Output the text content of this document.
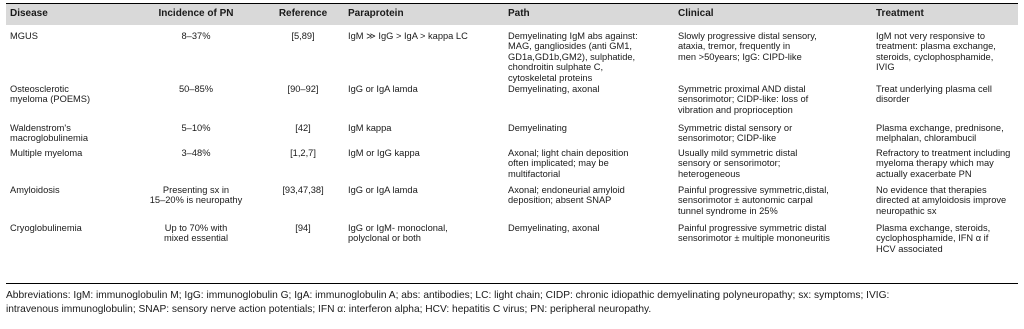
Disease	Incidence of PN	Reference	Paraprotein	Path	Clinical	Treatment
MGUS	8–37%	[5,89]	IgM ≫ IgG > IgA > kappa LC	Demyelinating IgM abs against:
MAG, gangliosides (anti GM1,
GD1a,GD1b,GM2), sulphatide,
chondroitin sulphate C,
cytoskeletal proteins	Slowly progressive distal sensory,
ataxia, tremor, frequently in
men >50years; IgG: CIPD-like	IgM not very responsive to
treatment: plasma exchange,
steroids, cyclophosphamide, IVIG
Osteosclerotic
myeloma (POEMS)	50–85%	[90–92]	IgG or IgA lamda	Demyelinating, axonal	Symmetric proximal AND distal
sensorimotor; CIDP-like: loss of
vibration and proprioception	Treat underlying plasma cell
disorder
Waldenstrom's
macroglobulinemia	5–10%	[42]	IgM kappa	Demyelinating	Symmetric distal sensory or
sensorimotor; CIDP-like	Plasma exchange, prednisone,
melphalan, chlorambucil
Multiple myeloma	3–48%	[1,2,7]	IgM or IgG kappa	Axonal; light chain deposition
often implicated; may be
multifactorial	Usually mild symmetric distal
sensory or sensorimotor;
heterogeneous	Refractory to treatment including
myeloma therapy which may
actually exacerbate PN
Amyloidosis	Presenting sx in
15–20% is neuropathy	[93,47,38]	IgG or IgA lamda	Axonal; endoneurial amyloid
deposition; absent SNAP	Painful progressive symmetric,distal,
sensorimotor ± autonomic carpal
tunnel syndrome in 25%	No evidence that therapies
directed at amyloidosis improve
neuropathic sx
Cryoglobulinemia	Up to 70% with
mixed essential	[94]	IgG or IgM- monoclonal,
polyclonal or both	Demyelinating, axonal	Painful progressive symmetric distal
sensorimotor ± multiple mononeuritis	Plasma exchange, steroids,
cyclophosphamide, IFN α if
HCV associated
Abbreviations: IgM: immunoglobulin M; IgG: immunoglobulin G; IgA: immunoglobulin A; abs: antibodies; LC: light chain; CIDP: chronic idiopathic demyelinating polyneuropathy; sx: symptoms; IVIG:
intravenous immunoglobulin; SNAP: sensory nerve action potentials; IFN α: interferon alpha; HCV: hepatitis C virus; PN: peripheral neuropathy.
